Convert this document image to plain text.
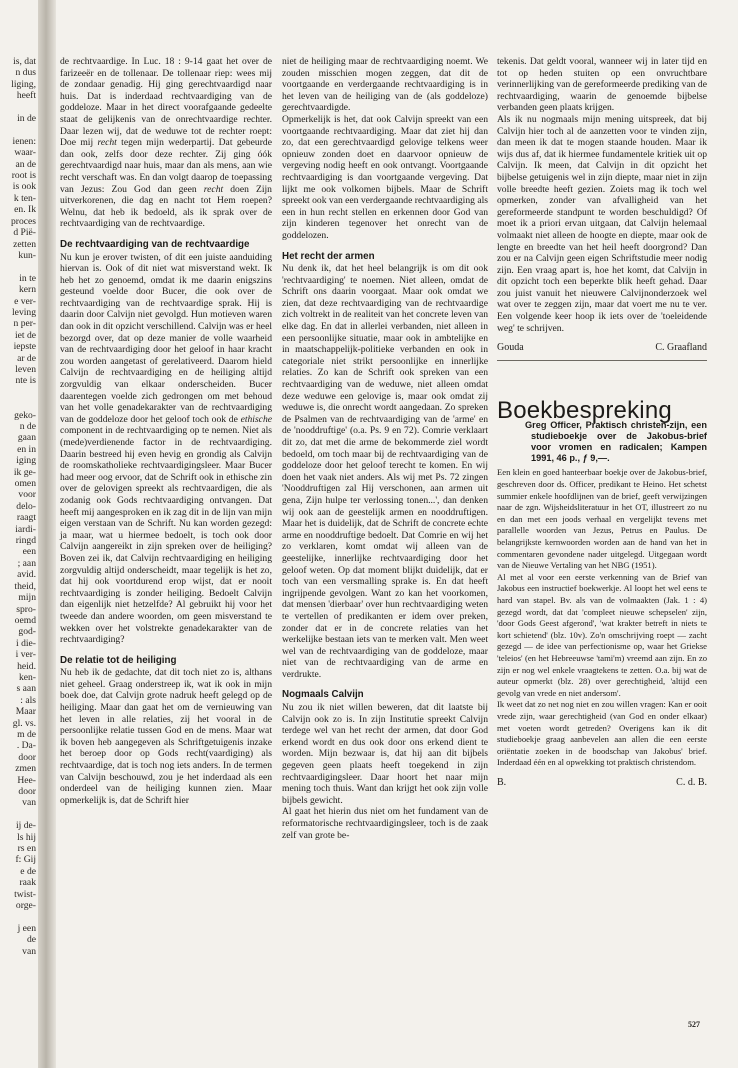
is, dat
n dus
liging,
heeft

in de

ienen:
waar-
an de
root is
is ook
k ten-
en. Ik
proces
d Pië-
zetten
kun-

in te
kern
e ver-
leving
n per-
iet de
iepste
ar de
leven
nte is

geko-
n de
gaan
en in
iging
ik ge-
omen
voor
delo-
raagt
iardi-
ringd
een
; aan
avid.
theid,
mijn
spro-
oemd
god-
i die-
i ver-
heid.
ken-
s aan
: als
Maar
gl. vs.
m de
. Da-
door
zmen
Hee-
door
van

ij de-
ls hij
rs en
f: Gij
e de
raak
twist-
orge-

j een
de
van

de rechtvaardige. In Luc. 18 : 9-14 gaat het over de farizeeër en de tollenaar. De tollenaar riep: wees mij de zondaar genadig. Hij ging gerechtvaardigd naar huis. Dat is inderdaad rechtvaardiging van de goddeloze. Maar in het direct voorafgaande gedeelte staat de gelijkenis van de onrechtvaardige rechter. Daar lezen wij, dat de weduwe tot de rechter roept: Doe mij recht tegen mijn wederpartij. Dat gebeurde dan ook, zelfs door deze rechter. Zij ging óók gerechtvaardigd naar huis, maar dan als mens, aan wie recht verschaft was. En dan volgt daarop de toepassing van Jezus: Zou God dan geen recht doen Zijn uitverkorenen, die dag en nacht tot Hem roepen? Welnu, dat heb ik bedoeld, als ik sprak over de rechtvaardiging van de rechtvaardige.

De rechtvaardiging van de rechtvaardige

Nu kun je erover twisten, of dit een juiste aanduiding hiervan is. Ook of dit niet wat misverstand wekt. Ik heb het zo genoemd, omdat ik me daarin enigszins gesteund voelde door Bucer, die ook over de rechtvaardiging van de rechtvaardige sprak. Hij is daarin door Calvijn niet gevolgd. Hun motieven waren dan ook in dit opzicht verschillend. Calvijn was er heel bezorgd over, dat op deze manier de volle waarheid van de rechtvaardiging door het geloof in haar kracht zou worden aangetast of gerelativeerd. Daarom hield Calvijn de rechtvaardiging en de heiliging altijd zorgvuldig van elkaar onderscheiden. Bucer daarentegen voelde zich gedrongen om met behoud van het volle genadekarakter van de rechtvaardiging van de goddeloze door het geloof toch ook de ethische component in de rechtvaardiging op te nemen. Niet als (mede)verdienende factor in de rechtvaardiging. Daarin bestreed hij even hevig en grondig als Calvijn de roomskatholieke rechtvaardigingsleer. Maar Bucer had meer oog ervoor, dat de Schrift ook in ethische zin over de gelovigen spreekt als rechtvaardigen, die als zodanig ook Gods rechtvaardiging ontvangen. Dat heeft mij aangesproken en ik zag dit in de lijn van mijn eigen verstaan van de Schrift. Nu kan worden gezegd: ja maar, wat u hiermee bedoelt, is toch ook door Calvijn aangereikt in zijn spreken over de heiliging? Boven zei ik, dat Calvijn rechtvaardiging en heiliging zorgvuldig altijd onderscheidt, maar tegelijk is het zo, dat hij ook voortdurend erop wijst, dat er nooit rechtvaardiging is zonder heiliging. Bedoelt Calvijn dan eigenlijk niet hetzelfde? Al gebruikt hij voor het tweede dan andere woorden, om geen misverstand te wekken over het volstrekte genadekarakter van de rechtvaardiging?

De relatie tot de heiliging

Nu heb ik de gedachte, dat dit toch niet zo is, althans niet geheel. Graag onderstreep ik, wat ik ook in mijn boek doe, dat Calvijn grote nadruk heeft gelegd op de heiliging. Maar dan gaat het om de vernieuwing van het leven in alle relaties, zij het vooral in de persoonlijke relatie tussen God en de mens. Maar wat ik boven heb aangegeven als Schriftgetuigenis inzake het beroep door op Gods recht(vaardiging) als rechtvaardige, dat is toch nog iets anders. In de termen van Calvijn beschouwd, zou je het inderdaad als een onderdeel van de heiliging kunnen zien. Maar opmerkelijk is, dat de Schrift hier

niet de heiliging maar de rechtvaardiging noemt. We zouden misschien mogen zeggen, dat dit de voortgaande en verdergaande rechtvaardiging is in het leven van de heiliging van de (als goddeloze) gerechtvaardigde.

Opmerkelijk is het, dat ook Calvijn spreekt van een voortgaande rechtvaardiging. Maar dat ziet hij dan zo, dat een gerechtvaardigd gelovige telkens weer opnieuw zonden doet en daarvoor opnieuw de vergeving nodig heeft en ook ontvangt. Voortgaande rechtvaardiging is dan voortgaande vergeving. Dat lijkt me ook volkomen bijbels. Maar de Schrift spreekt ook van een verdergaande rechtvaardiging als een in hun recht stellen en erkennen door God van zijn kinderen tegenover het onrecht van de goddelozen.

Het recht der armen

Nu denk ik, dat het heel belangrijk is om dit ook 'rechtvaardiging' te noemen. Niet alleen, omdat de Schrift ons daarin voorgaat. Maar ook omdat we zien, dat deze rechtvaardiging van de rechtvaardige zich voltrekt in de realiteit van het concrete leven van elke dag. En dat in allerlei verbanden, niet alleen in een persoonlijke situatie, maar ook in ambtelijke en in maatschappelijk-politieke verbanden en ook in categoriale niet strikt persoonlijke en innerlijke relaties. Zo kan de Schrift ook spreken van een rechtvaardiging van de weduwe, niet alleen omdat deze weduwe een gelovige is, maar ook omdat zij weduwe is, die onrecht wordt aangedaan. Zo spreken de Psalmen van de rechtvaardiging van de 'arme' en de 'nooddruftige' (o.a. Ps. 9 en 72). Comrie verklaart dit zo, dat met die arme de bekommerde ziel wordt bedoeld, om toch maar bij de rechtvaardiging van de goddeloze door het geloof terecht te komen. En wij doen het vaak niet anders. Als wij met Ps. 72 zingen 'Nooddruftigen zal Hij verschonen, aan armen uit gena, Zijn hulpe ter verlossing tonen...', dan denken wij ook aan de geestelijk armen en nooddruftigen. Maar het is duidelijk, dat de Schrift de concrete echte arme en nooddruftige bedoelt. Dat Comrie en wij het zo verklaren, komt omdat wij alleen van de geestelijke, innerlijke rechtvaardiging door het geloof weten. Op dat moment blijkt duidelijk, dat er toch van een versmalling sprake is. En dat heeft ingrijpende gevolgen. Want zo kan het voorkomen, dat mensen 'dierbaar' over hun rechtvaardiging weten te vertellen of predikanten er idem over preken, zonder dat er in de concrete relaties van het werkelijke bestaan iets van te merken valt. Men weet wel van de rechtvaardiging van de goddeloze, maar niet van de rechtvaardiging van de arme en verdrukte.

Nogmaals Calvijn

Nu zou ik niet willen beweren, dat dit laatste bij Calvijn ook zo is. In zijn Institutie spreekt Calvijn terdege wel van het recht der armen, dat door God erkend wordt en dus ook door ons erkend dient te worden. Mijn bezwaar is, dat hij aan dit bijbels gegeven geen plaats heeft toegekend in zijn rechtvaardigingsleer. Daar hoort het naar mijn mening toch thuis. Want dan krijgt het ook zijn volle bijbels gewicht.

Al gaat het hierin dus niet om het fundament van de reformatorische rechtvaardigingsleer, toch is de zaak zelf van grote be-

tekenis. Dat geldt vooral, wanneer wij in later tijd en tot op heden stuiten op een onvruchtbare verinnerlijking van de gereformeerde prediking van de rechtvaardiging, waarin de genoemde bijbelse verbanden geen plaats krijgen.

Als ik nu nogmaals mijn mening uitspreek, dat bij Calvijn hier toch al de aanzetten voor te vinden zijn, dan meen ik dat te mogen staande houden. Maar ik wijs dus af, dat ik hiermee fundamentele kritiek uit op Calvijn. Ik meen, dat Calvijn in dit opzicht het bijbelse getuigenis wel in zijn diepte, maar niet in zijn volle breedte heeft gezien. Zoiets mag ik toch wel opmerken, zonder van afvalligheid van het gereformeerde standpunt te worden beschuldigd? Of moet ik a priori ervan uitgaan, dat Calvijn helemaal volmaakt niet alleen de hoogte en diepte, maar ook de lengte en breedte van het heil heeft doorgrond? Dan zou er na Calvijn geen eigen Schriftstudie meer nodig zijn. Een vraag apart is, hoe het komt, dat Calvijn in dit opzicht toch een beperkte blik heeft gehad. Daar zou juist vanuit het nieuwere Calvijnonderzoek wel wat over te zeggen zijn, maar dat voert me nu te ver. Een volgende keer hoop ik iets over de 'toeleidende weg' te schrijven.

Gouda	C. Graafland
Boekbespreking
Greg Officer, Praktisch christen-zijn, een studieboekje over de Jakobus-brief voor vromen en radicalen; Kampen 1991, 46 p., ƒ 9,—.

Een klein en goed hanteerbaar boekje over de Jakobus-brief, geschreven door ds. Officer, predikant te Heino. Het schetst summier enkele hoofdlijnen van de brief, geeft verwijzingen naar de zgn. Wijsheidsliteratuur in het OT, illustreert zo nu en dan met een joods verhaal en vergelijkt tevens met parallelle woorden van Jezus, Petrus en Paulus. De belangrijkste kernwoorden worden aan de hand van het in commentaren gevondene nader uitgelegd. Uitgegaan wordt van de Nieuwe Vertaling van het NBG (1951).

Al met al voor een eerste verkenning van de Brief van Jakobus een instructief boekwerkje. Al loopt het wel eens te hard van stapel. Bv. als van de volmaakten (Jak. 1 : 4) gezegd wordt, dat dat 'compleet nieuwe schepselen' zijn, 'door Gods Geest afgerond', 'wat krakter betreft in niets te kort schietend' (blz. 10v). Zo'n omschrijving roept — zacht gezegd — de idee van perfectionisme op, waar het Griekse 'teleios' (en het Hebreeuwse 'tami'm) vreemd aan zijn. En zo zijn er nog wel enkele vraagtekens te zetten. O.a. bij wat de auteur opmerkt (blz. 28) over gerechtigheid, 'altijd een gevolg van vrede en niet andersom'.

Ik weet dat zo net nog niet en zou willen vragen: Kan er ooit vrede zijn, waar gerechtigheid (van God en onder elkaar) met voeten wordt getreden? Overigens kan ik dit studieboekje graag aanbevelen aan allen die een eerste oriëntatie zoeken in de boodschap van Jakobus' brief. Inderdaad één en al opwekking tot praktisch christendom.

B.	C. d. B.
527
